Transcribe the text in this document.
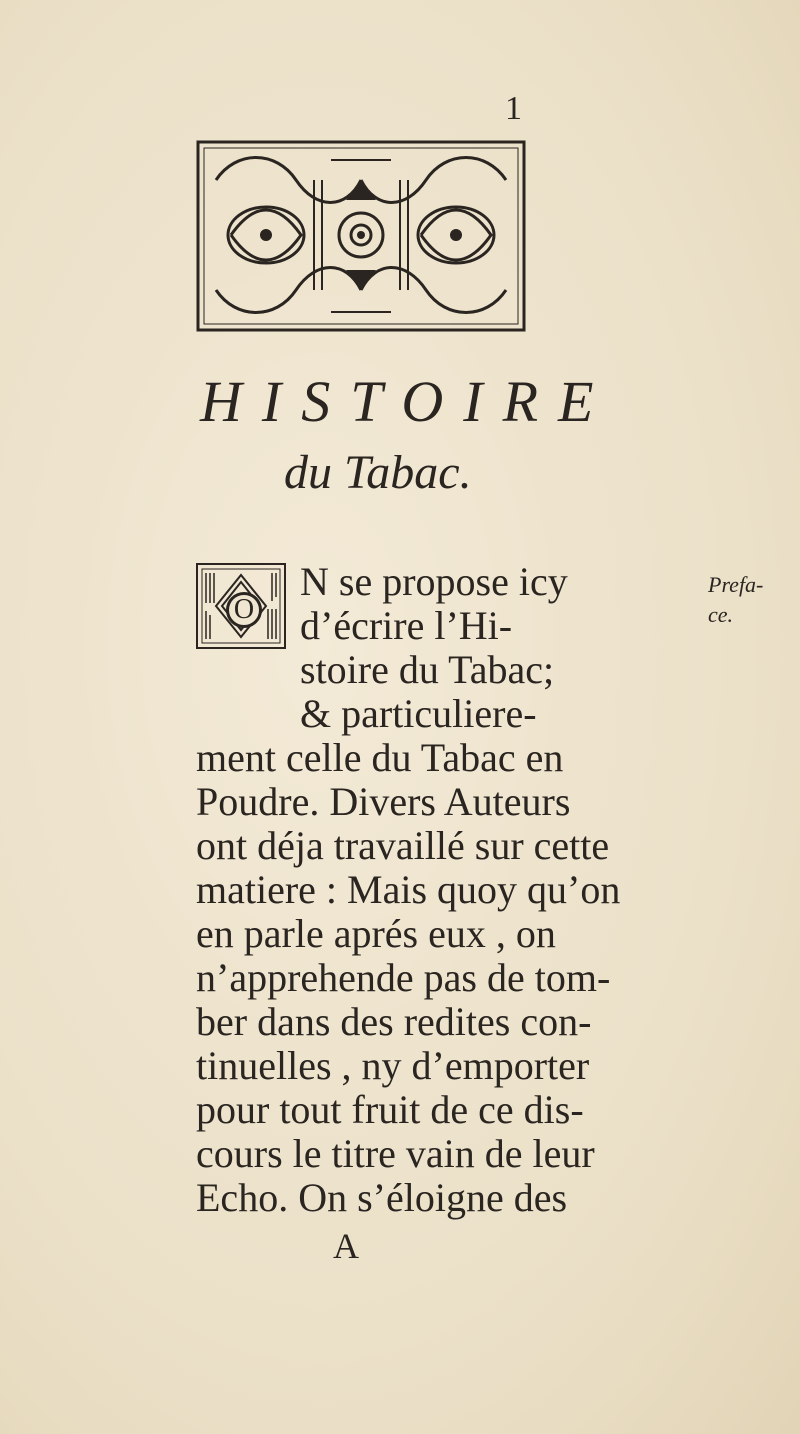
1
HISTOIRE
du Tabac.
O
N se propose icy
d’écrire l’Hi-
stoire du Tabac;
& particuliere-
ment celle du Tabac en
Poudre. Divers Auteurs
ont déja travaillé sur cette
matiere : Mais quoy qu’on
en parle aprés eux , on
n’apprehende pas de tom-
ber dans des redites con-
tinuelles , ny d’emporter
pour tout fruit de ce dis-
cours le titre vain de leur
Echo. On s’éloigne des
Prefa-
ce.
A
